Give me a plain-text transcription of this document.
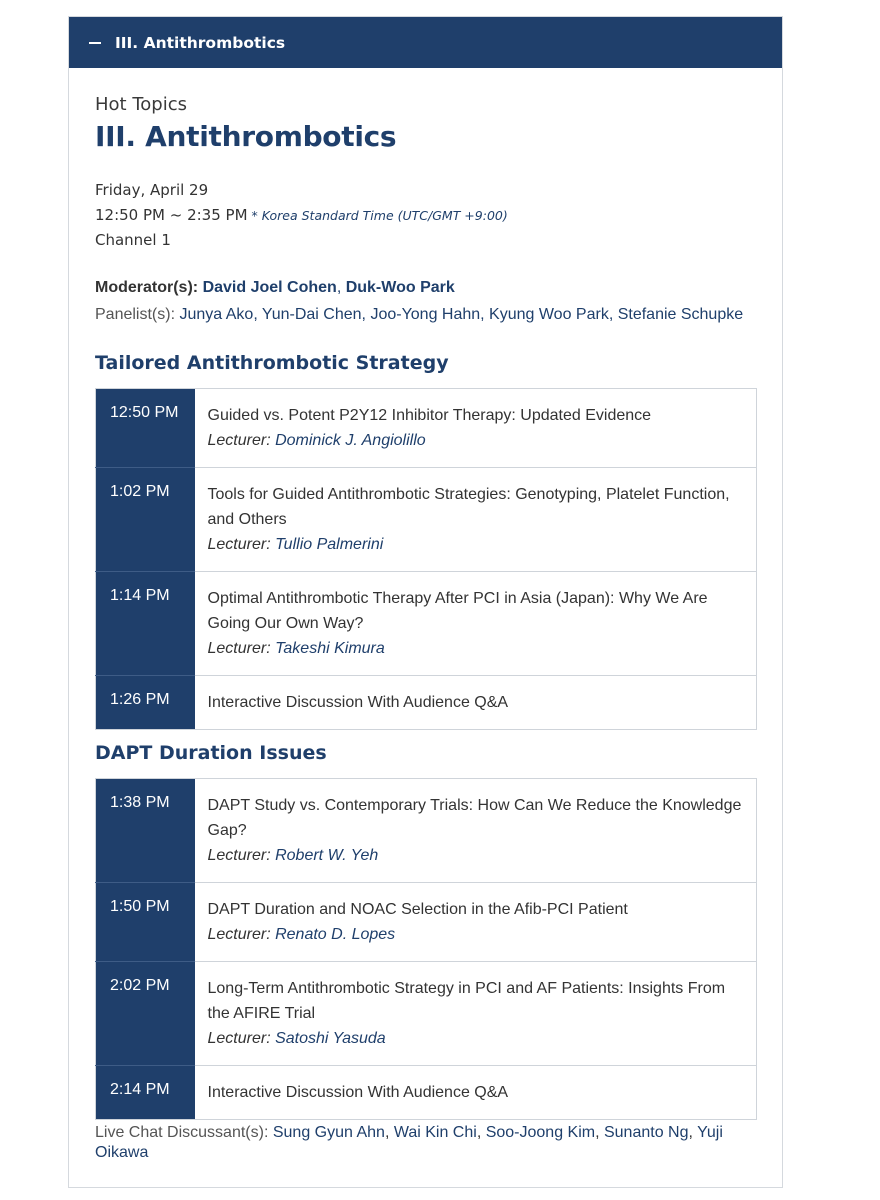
III. Antithrombotics
Hot Topics
III. Antithrombotics
Friday, April 29
12:50 PM ~ 2:35 PM * Korea Standard Time (UTC/GMT +9:00)
Channel 1
Moderator(s): David Joel Cohen, Duk-Woo Park
Panelist(s): Junya Ako, Yun-Dai Chen, Joo-Yong Hahn, Kyung Woo Park, Stefanie Schupke
Tailored Antithrombotic Strategy
12:50 PM	Guided vs. Potent P2Y12 Inhibitor Therapy: Updated Evidence
Lecturer: Dominick J. Angiolillo

1:02 PM	Tools for Guided Antithrombotic Strategies: Genotyping, Platelet Function, and Others
Lecturer: Tullio Palmerini

1:14 PM	Optimal Antithrombotic Therapy After PCI in Asia (Japan): Why We Are Going Our Own Way?
Lecturer: Takeshi Kimura

1:26 PM	Interactive Discussion With Audience Q&A
DAPT Duration Issues
1:38 PM	DAPT Study vs. Contemporary Trials: How Can We Reduce the Knowledge Gap?
Lecturer: Robert W. Yeh

1:50 PM	DAPT Duration and NOAC Selection in the Afib-PCI Patient
Lecturer: Renato D. Lopes

2:02 PM	Long-Term Antithrombotic Strategy in PCI and AF Patients: Insights From the AFIRE Trial
Lecturer: Satoshi Yasuda

2:14 PM	Interactive Discussion With Audience Q&A
Live Chat Discussant(s): Sung Gyun Ahn, Wai Kin Chi, Soo-Joong Kim, Sunanto Ng, Yuji Oikawa
